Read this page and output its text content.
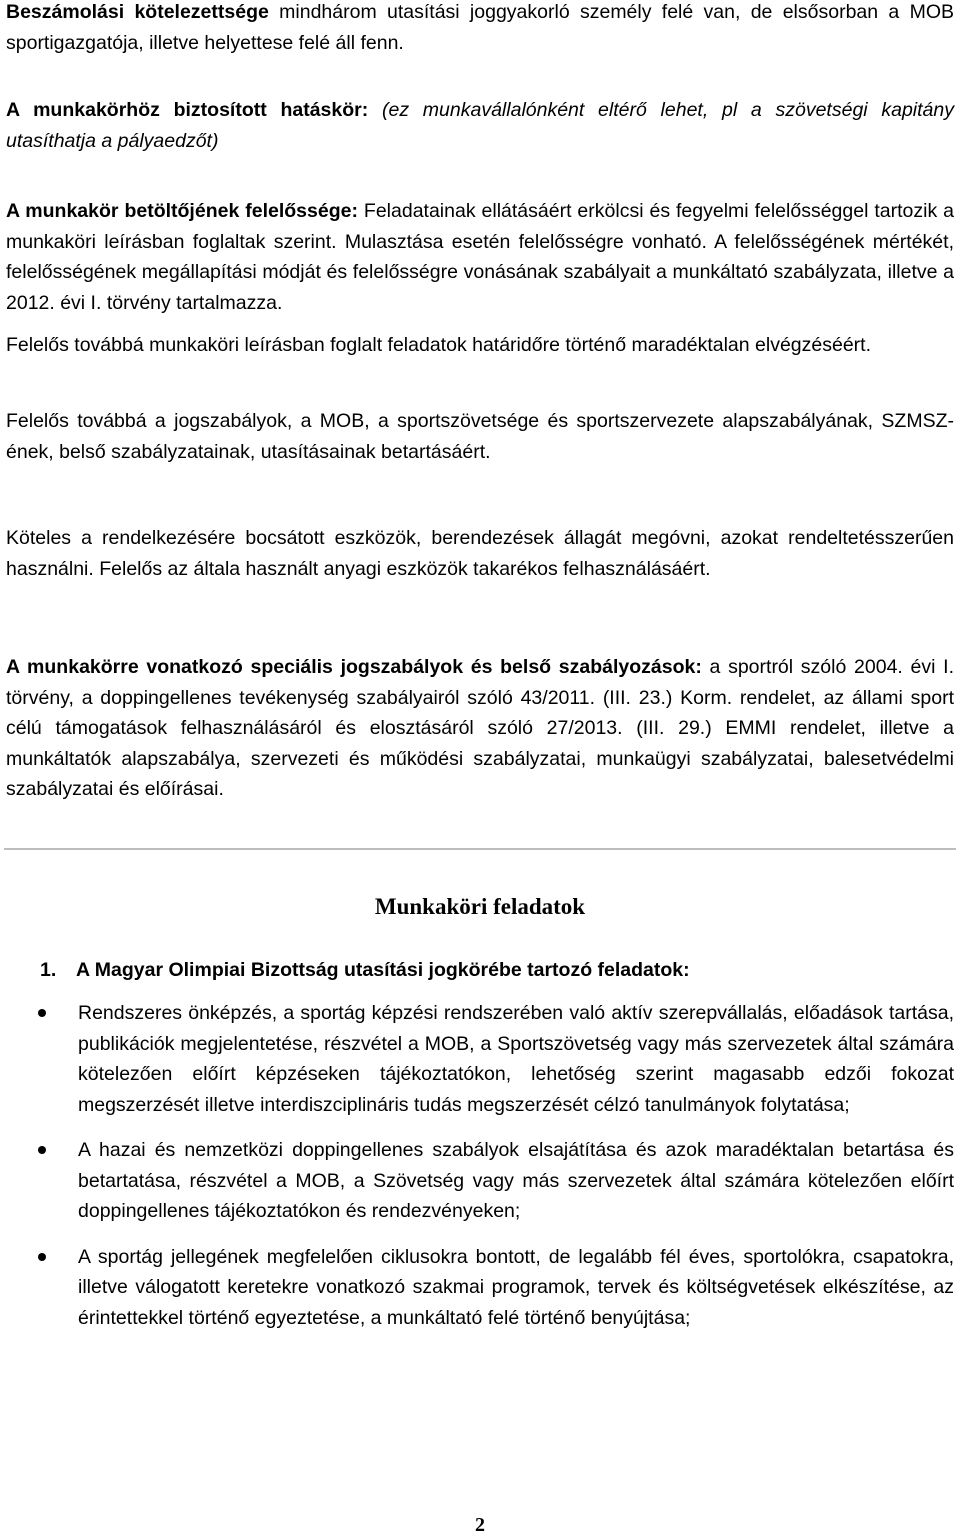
Beszámolási kötelezettsége mindhárom utasítási joggyakorló személy felé van, de elsősorban a MOB sportigazgatója, illetve helyettese felé áll fenn.

A munkakörhöz biztosított hatáskör: (ez munkavállalónként eltérő lehet, pl a szövetségi kapitány utasíthatja a pályaedzőt)

A munkakör betöltőjének felelőssége: Feladatainak ellátásáért erkölcsi és fegyelmi felelősséggel tartozik a munkaköri leírásban foglaltak szerint. Mulasztása esetén felelősségre vonható. A felelősségének mértékét, felelősségének megállapítási módját és felelősségre vonásának szabályait a munkáltató szabályzata, illetve a 2012. évi I. törvény tartalmazza.

Felelős továbbá munkaköri leírásban foglalt feladatok határidőre történő maradéktalan elvégzéséért.

Felelős továbbá a jogszabályok, a MOB, a sportszövetsége és sportszervezete alapszabályának, SZMSZ-ének, belső szabályzatainak, utasításainak betartásáért.

Köteles a rendelkezésére bocsátott eszközök, berendezések állagát megóvni, azokat rendeltetésszerűen használni. Felelős az általa használt anyagi eszközök takarékos felhasználásáért.

A munkakörre vonatkozó speciális jogszabályok és belső szabályozások: a sportról szóló 2004. évi I. törvény, a doppingellenes tevékenység szabályairól szóló 43/2011. (III. 23.) Korm. rendelet, az állami sport célú támogatások felhasználásáról és elosztásáról szóló 27/2013. (III. 29.) EMMI rendelet, illetve a munkáltatók alapszabálya, szervezeti és működési szabályzatai, munkaügyi szabályzatai, balesetvédelmi szabályzatai és előírásai.

Munkaköri feladatok
1. A Magyar Olimpiai Bizottság utasítási jogkörébe tartozó feladatok:
Rendszeres önképzés, a sportág képzési rendszerében való aktív szerepvállalás, előadások tartása, publikációk megjelentetése, részvétel a MOB, a Sportszövetség vagy más szervezetek által számára kötelezően előírt képzéseken tájékoztatókon, lehetőség szerint magasabb edzői fokozat megszerzését illetve interdiszciplináris tudás megszerzését célzó tanulmányok folytatása;
A hazai és nemzetközi doppingellenes szabályok elsajátítása és azok maradéktalan betartása és betartatása, részvétel a MOB, a Szövetség vagy más szervezetek által számára kötelezően előírt doppingellenes tájékoztatókon és rendezvényeken;
A sportág jellegének megfelelően ciklusokra bontott, de legalább fél éves, sportolókra, csapatokra, illetve válogatott keretekre vonatkozó szakmai programok, tervek és költségvetések elkészítése, az érintettekkel történő egyeztetése, a munkáltató felé történő benyújtása;
2
